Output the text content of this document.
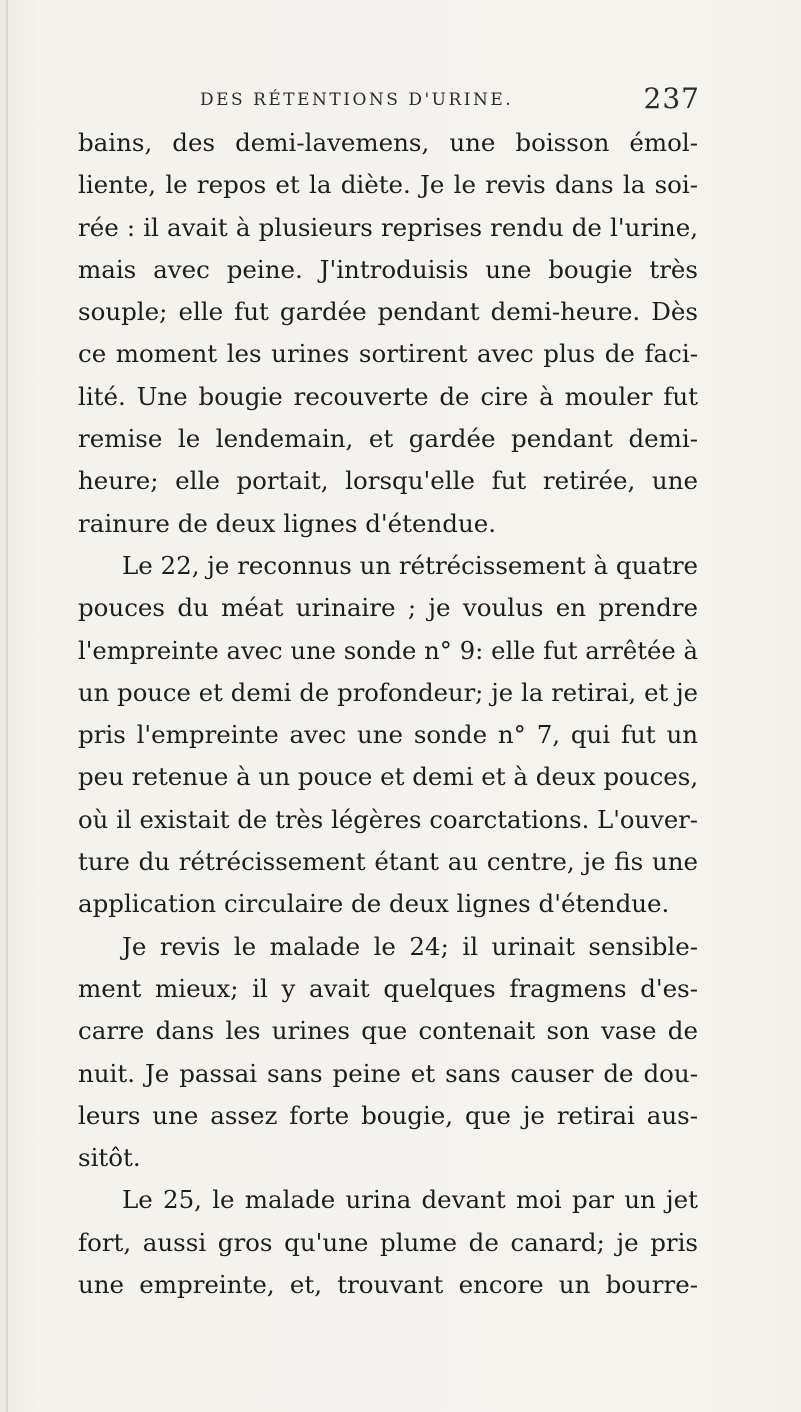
DES RÉTENTIONS D'URINE.	237
bains, des demi-lavemens, une boisson émol-
liente, le repos et la diète. Je le revis dans la soi-
rée : il avait à plusieurs reprises rendu de l'urine,
mais avec peine. J'introduisis une bougie très
souple; elle fut gardée pendant demi-heure. Dès
ce moment les urines sortirent avec plus de faci-
lité. Une bougie recouverte de cire à mouler fut
remise le lendemain, et gardée pendant demi-
heure; elle portait, lorsqu'elle fut retirée, une
rainure de deux lignes d'étendue.
Le 22, je reconnus un rétrécissement à quatre
pouces du méat urinaire ; je voulus en prendre
l'empreinte avec une sonde n° 9: elle fut arrêtée à
un pouce et demi de profondeur; je la retirai, et je
pris l'empreinte avec une sonde n° 7, qui fut un
peu retenue à un pouce et demi et à deux pouces,
où il existait de très légères coarctations. L'ouver-
ture du rétrécissement étant au centre, je fis une
application circulaire de deux lignes d'étendue.
Je revis le malade le 24; il urinait sensible-
ment mieux; il y avait quelques fragmens d'es-
carre dans les urines que contenait son vase de
nuit. Je passai sans peine et sans causer de dou-
leurs une assez forte bougie, que je retirai aus-
sitôt.
Le 25, le malade urina devant moi par un jet
fort, aussi gros qu'une plume de canard; je pris
une empreinte, et, trouvant encore un bourre-
